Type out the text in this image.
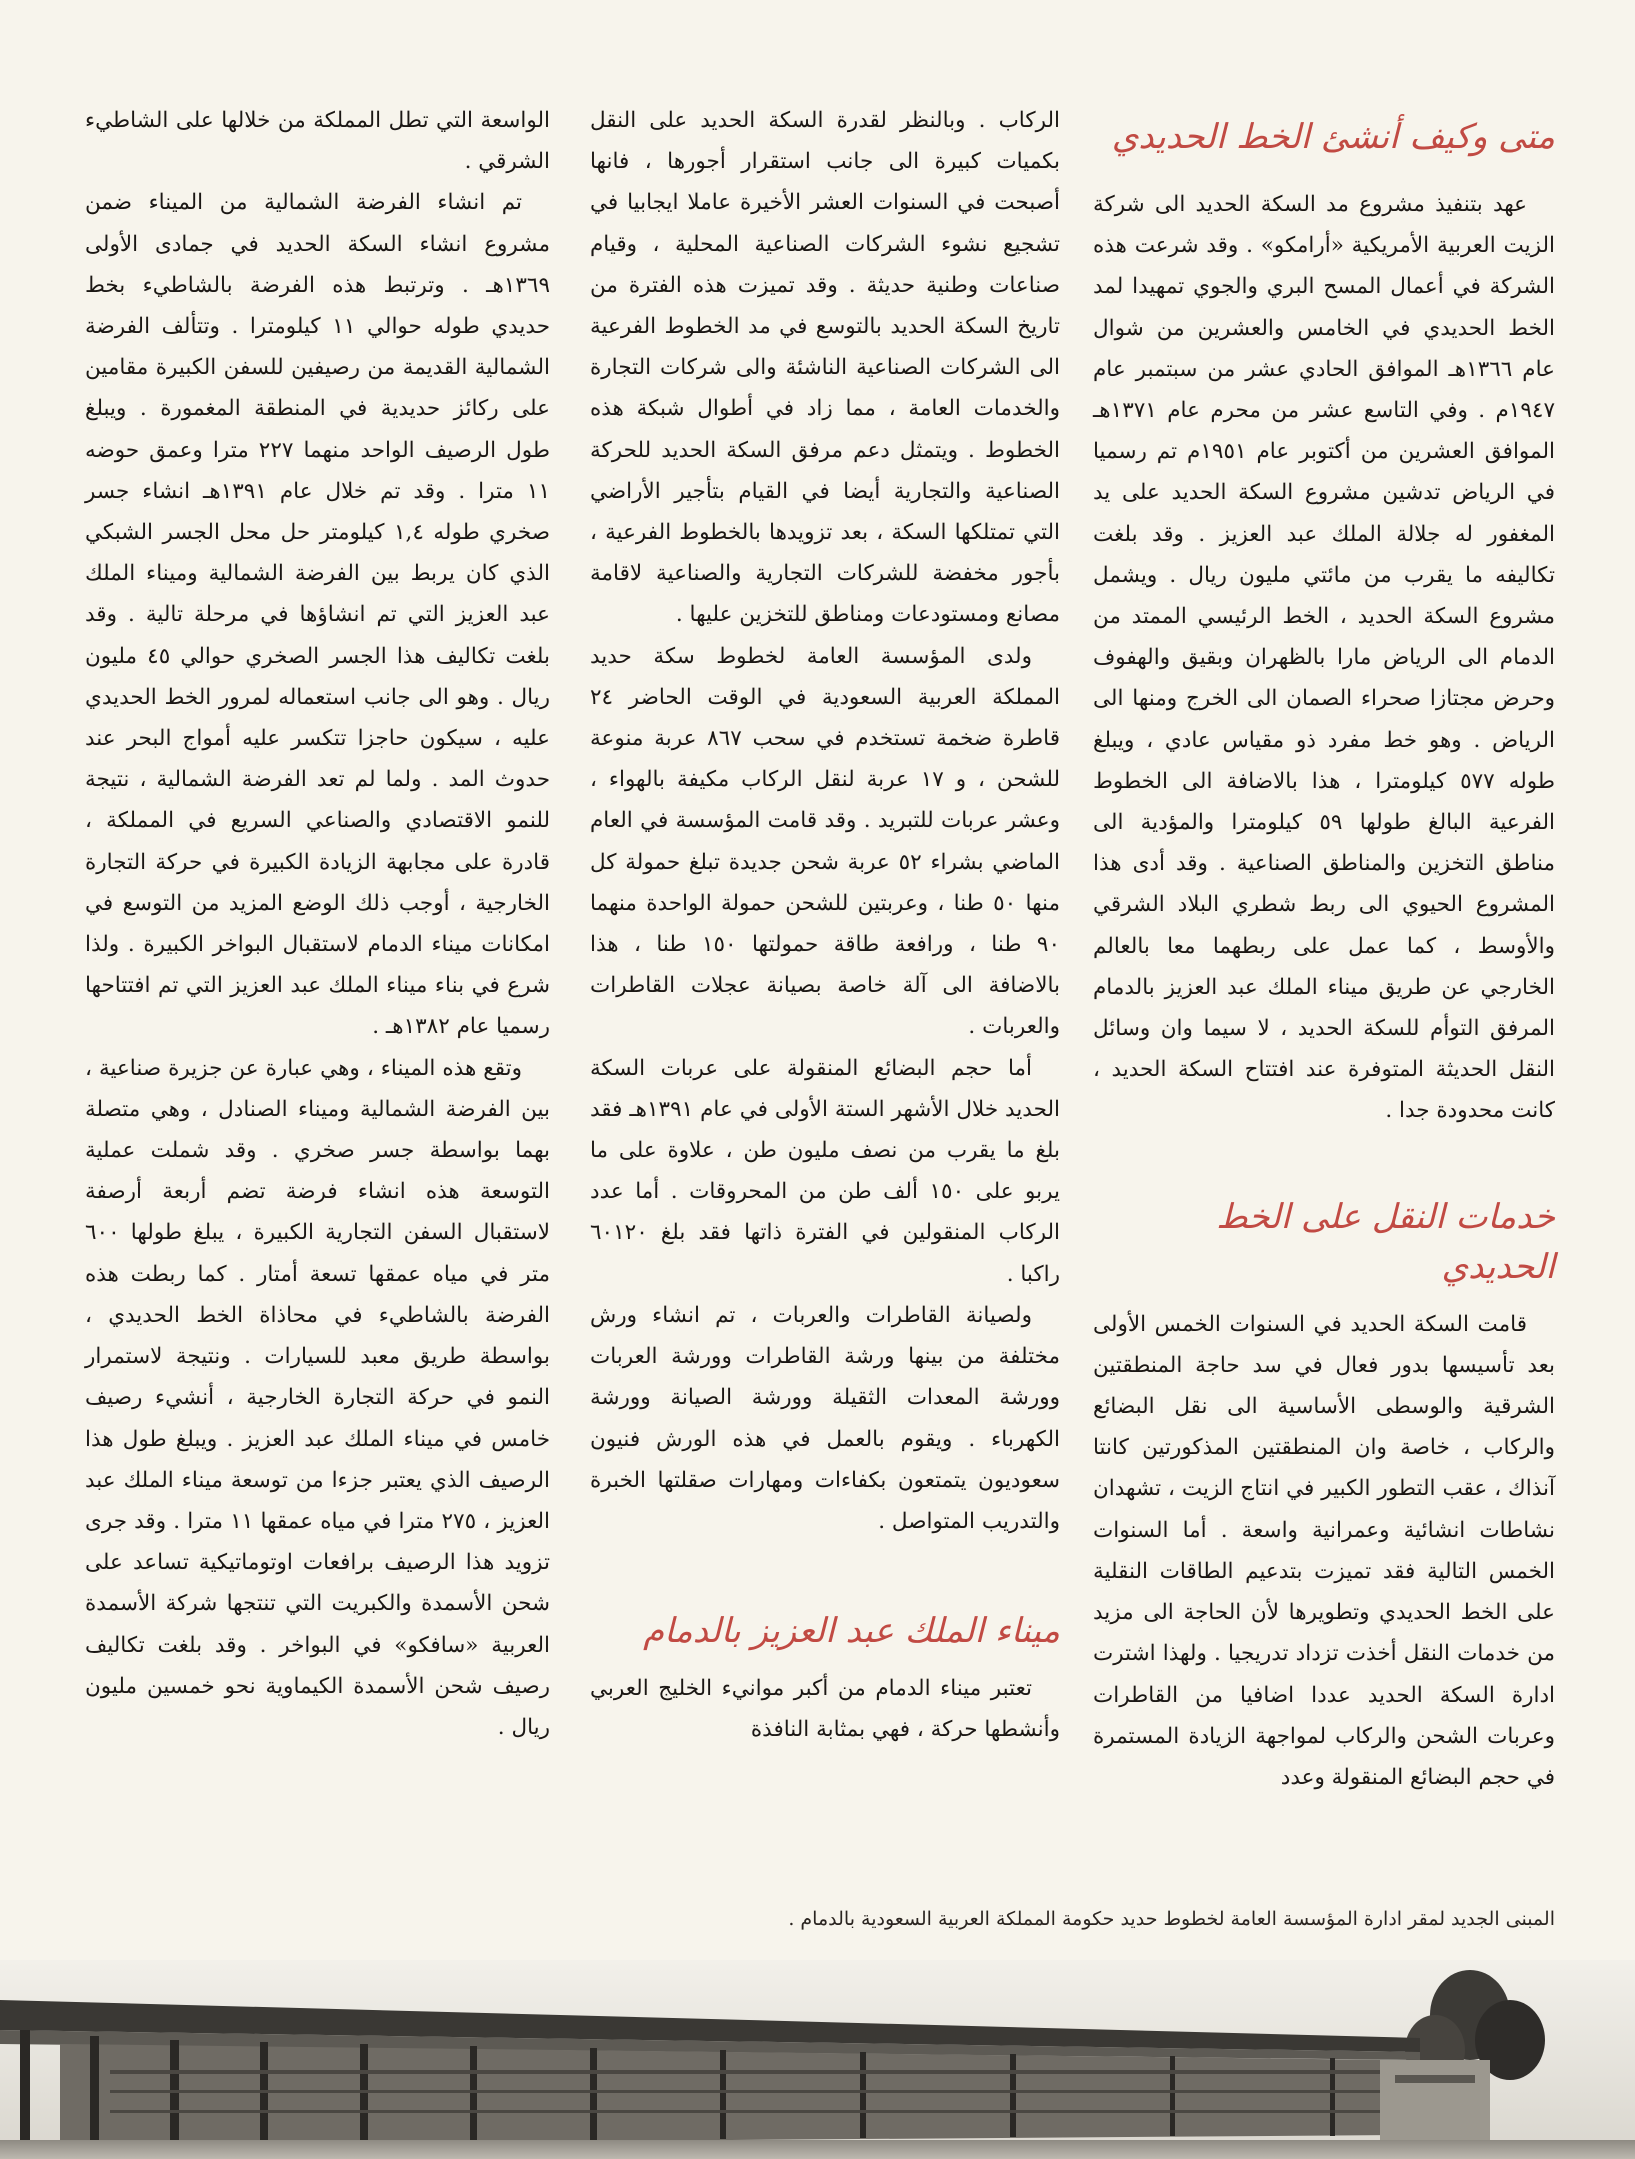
متى وكيف أنشئ الخط الحديدي

عهد بتنفيذ مشروع مد السكة الحديد الى شركة الزيت العربية الأمريكية «أرامكو» . وقد شرعت هذه الشركة في أعمال المسح البري والجوي تمهيدا لمد الخط الحديدي في الخامس والعشرين من شوال عام ١٣٦٦هـ الموافق الحادي عشر من سبتمبر عام ١٩٤٧م . وفي التاسع عشر من محرم عام ١٣٧١هـ الموافق العشرين من أكتوبر عام ١٩٥١م تم رسميا في الرياض تدشين مشروع السكة الحديد على يد المغفور له جلالة الملك عبد العزيز . وقد بلغت تكاليفه ما يقرب من مائتي مليون ريال . ويشمل مشروع السكة الحديد ، الخط الرئيسي الممتد من الدمام الى الرياض مارا بالظهران وبقيق والهفوف وحرض مجتازا صحراء الصمان الى الخرج ومنها الى الرياض . وهو خط مفرد ذو مقياس عادي ، ويبلغ طوله ٥٧٧ كيلومترا ، هذا بالاضافة الى الخطوط الفرعية البالغ طولها ٥٩ كيلومترا والمؤدية الى مناطق التخزين والمناطق الصناعية . وقد أدى هذا المشروع الحيوي الى ربط شطري البلاد الشرقي والأوسط ، كما عمل على ربطهما معا بالعالم الخارجي عن طريق ميناء الملك عبد العزيز بالدمام المرفق التوأم للسكة الحديد ، لا سيما وان وسائل النقل الحديثة المتوفرة عند افتتاح السكة الحديد ، كانت محدودة جدا .

خدمات النقل على الخط الحديدي

قامت السكة الحديد في السنوات الخمس الأولى بعد تأسيسها بدور فعال في سد حاجة المنطقتين الشرقية والوسطى الأساسية الى نقل البضائع والركاب ، خاصة وان المنطقتين المذكورتين كانتا آنذاك ، عقب التطور الكبير في انتاج الزيت ، تشهدان نشاطات انشائية وعمرانية واسعة . أما السنوات الخمس التالية فقد تميزت بتدعيم الطاقات النقلية على الخط الحديدي وتطويرها لأن الحاجة الى مزيد من خدمات النقل أخذت تزداد تدريجيا . ولهذا اشترت ادارة السكة الحديد عددا اضافيا من القاطرات وعربات الشحن والركاب لمواجهة الزيادة المستمرة في حجم البضائع المنقولة وعدد

الركاب . وبالنظر لقدرة السكة الحديد على النقل بكميات كبيرة الى جانب استقرار أجورها ، فانها أصبحت في السنوات العشر الأخيرة عاملا ايجابيا في تشجيع نشوء الشركات الصناعية المحلية ، وقيام صناعات وطنية حديثة . وقد تميزت هذه الفترة من تاريخ السكة الحديد بالتوسع في مد الخطوط الفرعية الى الشركات الصناعية الناشئة والى شركات التجارة والخدمات العامة ، مما زاد في أطوال شبكة هذه الخطوط . ويتمثل دعم مرفق السكة الحديد للحركة الصناعية والتجارية أيضا في القيام بتأجير الأراضي التي تمتلكها السكة ، بعد تزويدها بالخطوط الفرعية ، بأجور مخفضة للشركات التجارية والصناعية لاقامة مصانع ومستودعات ومناطق للتخزين عليها .

ولدى المؤسسة العامة لخطوط سكة حديد المملكة العربية السعودية في الوقت الحاضر ٢٤ قاطرة ضخمة تستخدم في سحب ٨٦٧ عربة منوعة للشحن ، و ١٧ عربة لنقل الركاب مكيفة بالهواء ، وعشر عربات للتبريد . وقد قامت المؤسسة في العام الماضي بشراء ٥٢ عربة شحن جديدة تبلغ حمولة كل منها ٥٠ طنا ، وعربتين للشحن حمولة الواحدة منهما ٩٠ طنا ، ورافعة طاقة حمولتها ١٥٠ طنا ، هذا بالاضافة الى آلة خاصة بصيانة عجلات القاطرات والعربات .

أما حجم البضائع المنقولة على عربات السكة الحديد خلال الأشهر الستة الأولى في عام ١٣٩١هـ فقد بلغ ما يقرب من نصف مليون طن ، علاوة على ما يربو على ١٥٠ ألف طن من المحروقات . أما عدد الركاب المنقولين في الفترة ذاتها فقد بلغ ٦٠١٢٠ راكبا .

ولصيانة القاطرات والعربات ، تم انشاء ورش مختلفة من بينها ورشة القاطرات وورشة العربات وورشة المعدات الثقيلة وورشة الصيانة وورشة الكهرباء . ويقوم بالعمل في هذه الورش فنيون سعوديون يتمتعون بكفاءات ومهارات صقلتها الخبرة والتدريب المتواصل .

ميناء الملك عبد العزيز بالدمام

تعتبر ميناء الدمام من أكبر موانيء الخليج العربي وأنشطها حركة ، فهي بمثابة النافذة

الواسعة التي تطل المملكة من خلالها على الشاطيء الشرقي .

تم انشاء الفرضة الشمالية من الميناء ضمن مشروع انشاء السكة الحديد في جمادى الأولى ١٣٦٩هـ . وترتبط هذه الفرضة بالشاطيء بخط حديدي طوله حوالي ١١ كيلومترا . وتتألف الفرضة الشمالية القديمة من رصيفين للسفن الكبيرة مقامين على ركائز حديدية في المنطقة المغمورة . ويبلغ طول الرصيف الواحد منهما ٢٢٧ مترا وعمق حوضه ١١ مترا . وقد تم خلال عام ١٣٩١هـ انشاء جسر صخري طوله ١,٤ كيلومتر حل محل الجسر الشبكي الذي كان يربط بين الفرضة الشمالية وميناء الملك عبد العزيز التي تم انشاؤها في مرحلة تالية . وقد بلغت تكاليف هذا الجسر الصخري حوالي ٤٥ مليون ريال . وهو الى جانب استعماله لمرور الخط الحديدي عليه ، سيكون حاجزا تتكسر عليه أمواج البحر عند حدوث المد . ولما لم تعد الفرضة الشمالية ، نتيجة للنمو الاقتصادي والصناعي السريع في المملكة ، قادرة على مجابهة الزيادة الكبيرة في حركة التجارة الخارجية ، أوجب ذلك الوضع المزيد من التوسع في امكانات ميناء الدمام لاستقبال البواخر الكبيرة . ولذا شرع في بناء ميناء الملك عبد العزيز التي تم افتتاحها رسميا عام ١٣٨٢هـ .

وتقع هذه الميناء ، وهي عبارة عن جزيرة صناعية ، بين الفرضة الشمالية وميناء الصنادل ، وهي متصلة بهما بواسطة جسر صخري . وقد شملت عملية التوسعة هذه انشاء فرضة تضم أربعة أرصفة لاستقبال السفن التجارية الكبيرة ، يبلغ طولها ٦٠٠ متر في مياه عمقها تسعة أمتار . كما ربطت هذه الفرضة بالشاطيء في محاذاة الخط الحديدي ، بواسطة طريق معبد للسيارات . ونتيجة لاستمرار النمو في حركة التجارة الخارجية ، أنشيء رصيف خامس في ميناء الملك عبد العزيز . ويبلغ طول هذا الرصيف الذي يعتبر جزءا من توسعة ميناء الملك عبد العزيز ، ٢٧٥ مترا في مياه عمقها ١١ مترا . وقد جرى تزويد هذا الرصيف برافعات اوتوماتيكية تساعد على شحن الأسمدة والكبريت التي تنتجها شركة الأسمدة العربية «سافكو» في البواخر . وقد بلغت تكاليف رصيف شحن الأسمدة الكيماوية نحو خمسين مليون ريال .

المبنى الجديد لمقر ادارة المؤسسة العامة لخطوط حديد حكومة المملكة العربية السعودية بالدمام .
